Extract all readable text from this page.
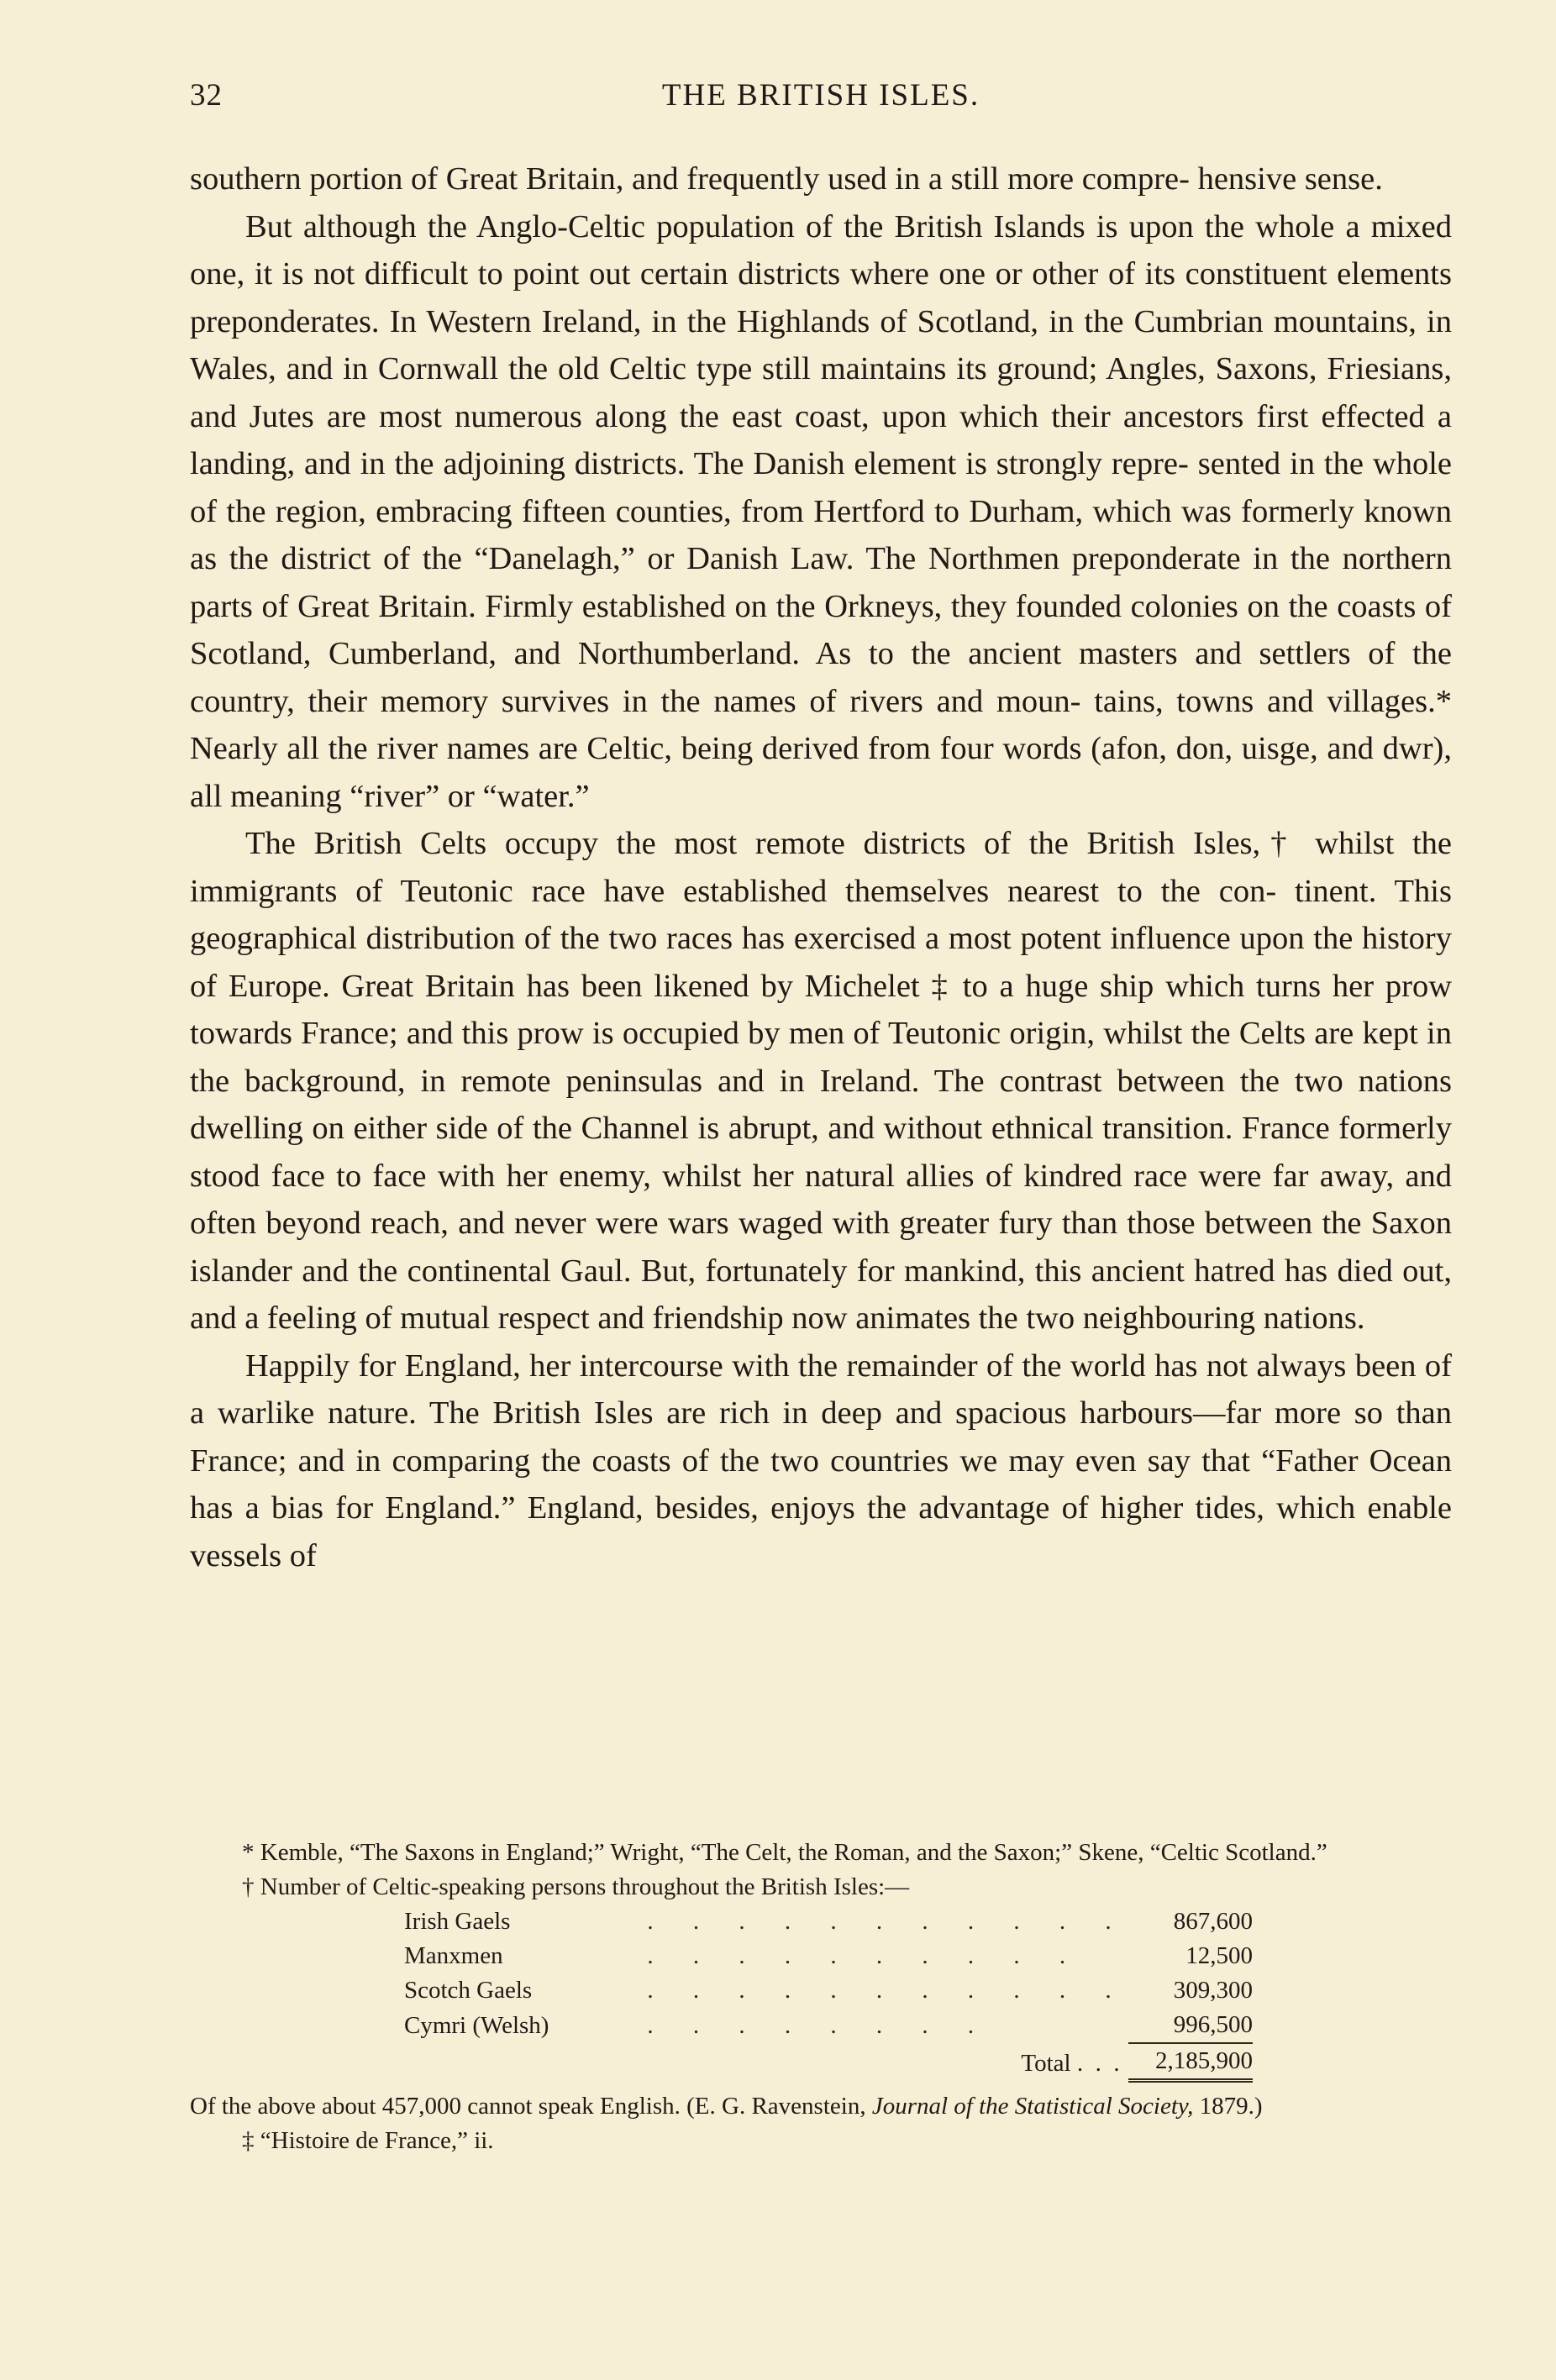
32	THE BRITISH ISLES.

southern portion of Great Britain, and frequently used in a still more compre- hensive sense.

But although the Anglo-Celtic population of the British Islands is upon the whole a mixed one, it is not difficult to point out certain districts where one or other of its constituent elements preponderates. In Western Ireland, in the Highlands of Scotland, in the Cumbrian mountains, in Wales, and in Cornwall the old Celtic type still maintains its ground; Angles, Saxons, Friesians, and Jutes are most numerous along the east coast, upon which their ancestors first effected a landing, and in the adjoining districts. The Danish element is strongly repre- sented in the whole of the region, embracing fifteen counties, from Hertford to Durham, which was formerly known as the district of the “Danelagh,” or Danish Law. The Northmen preponderate in the northern parts of Great Britain. Firmly established on the Orkneys, they founded colonies on the coasts of Scotland, Cumberland, and Northumberland. As to the ancient masters and settlers of the country, their memory survives in the names of rivers and moun- tains, towns and villages.* Nearly all the river names are Celtic, being derived from four words (afon, don, uisge, and dwr), all meaning “river” or “water.”

The British Celts occupy the most remote districts of the British Isles,† whilst the immigrants of Teutonic race have established themselves nearest to the con- tinent. This geographical distribution of the two races has exercised a most potent influence upon the history of Europe. Great Britain has been likened by Michelet ‡ to a huge ship which turns her prow towards France; and this prow is occupied by men of Teutonic origin, whilst the Celts are kept in the background, in remote peninsulas and in Ireland. The contrast between the two nations dwelling on either side of the Channel is abrupt, and without ethnical transition. France formerly stood face to face with her enemy, whilst her natural allies of kindred race were far away, and often beyond reach, and never were wars waged with greater fury than those between the Saxon islander and the continental Gaul. But, fortunately for mankind, this ancient hatred has died out, and a feeling of mutual respect and friendship now animates the two neighbouring nations.

Happily for England, her intercourse with the remainder of the world has not always been of a warlike nature. The British Isles are rich in deep and spacious harbours—far more so than France; and in comparing the coasts of the two countries we may even say that “Father Ocean has a bias for England.” England, besides, enjoys the advantage of higher tides, which enable vessels of

* Kemble, “The Saxons in England;” Wright, “The Celt, the Roman, and the Saxon;” Skene, “Celtic Scotland.”

† Number of Celtic-speaking persons throughout the British Isles:—

Irish Gaels	. . . . . . . . . . .	867,600
Manxmen	. . . . . . . . . .	12,500
Scotch Gaels	. . . . . . . . . . .	309,300
Cymri (Welsh)	. . . . . . . .	996,500
	Total .  .  .	2,185,900

Of the above about 457,000 cannot speak English. (E. G. Ravenstein, Journal of the Statistical Society, 1879.)

‡ “Histoire de France,” ii.
